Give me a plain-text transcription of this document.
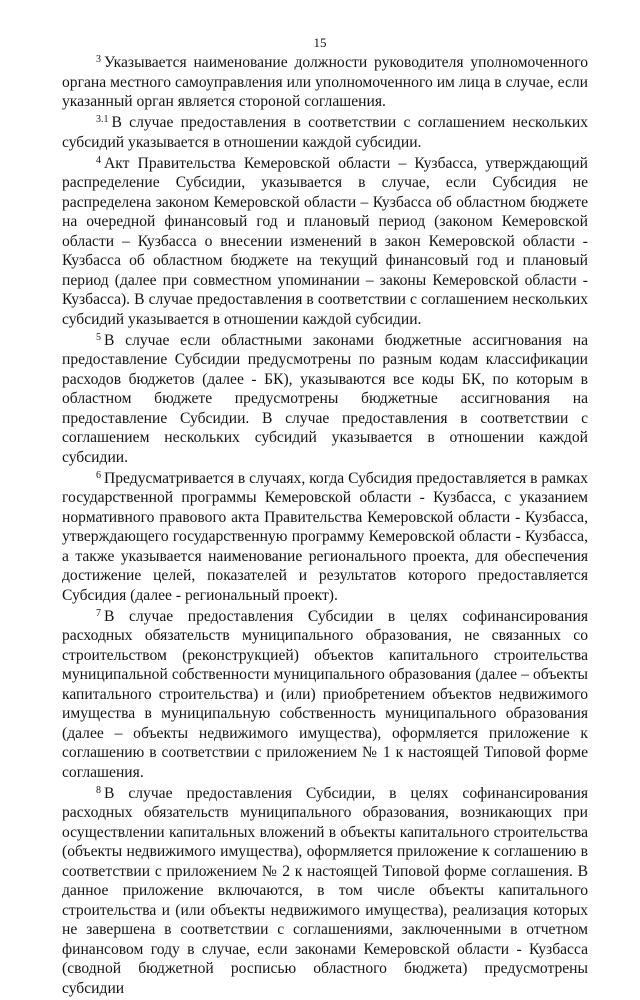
15

$^3$ Указывается наименование должности руководителя уполномоченного органа местного самоуправления или уполномоченного им лица в случае, если указанный орган является стороной соглашения.

$^{3.1}$ В случае предоставления в соответствии с соглашением нескольких субсидий указывается в отношении каждой субсидии.

$^4$ Акт Правительства Кемеровской области – Кузбасса, утверждающий распределение Субсидии, указывается в случае, если Субсидия не распределена законом Кемеровской области – Кузбасса об областном бюджете на очередной финансовый год и плановый период (законом Кемеровской области – Кузбасса о внесении изменений в закон Кемеровской области - Кузбасса об областном бюджете на текущий финансовый год и плановый период (далее при совместном упоминании – законы Кемеровской области - Кузбасса). В случае предоставления в соответствии с соглашением нескольких субсидий указывается в отношении каждой субсидии.

$^5$ В случае если областными законами бюджетные ассигнования на предоставление Субсидии предусмотрены по разным кодам классификации расходов бюджетов (далее - БК), указываются все коды БК, по которым в областном бюджете предусмотрены бюджетные ассигнования на предоставление Субсидии. В случае предоставления в соответствии с соглашением нескольких субсидий указывается в отношении каждой субсидии.

$^6$ Предусматривается в случаях, когда Субсидия предоставляется в рамках государственной программы Кемеровской области - Кузбасса, с указанием нормативного правового акта Правительства Кемеровской области - Кузбасса, утверждающего государственную программу Кемеровской области - Кузбасса, а также указывается наименование регионального проекта, для обеспечения достижение целей, показателей и результатов которого предоставляется Субсидия (далее - региональный проект).

$^7$ В случае предоставления Субсидии в целях софинансирования расходных обязательств муниципального образования, не связанных со строительством (реконструкцией) объектов капитального строительства муниципальной собственности муниципального образования (далее – объекты капитального строительства) и (или) приобретением объектов недвижимого имущества в муниципальную собственность муниципального образования (далее – объекты недвижимого имущества), оформляется приложение к соглашению в соответствии с приложением № 1 к настоящей Типовой форме соглашения.

$^8$ В случае предоставления Субсидии, в целях софинансирования расходных обязательств муниципального образования, возникающих при осуществлении капитальных вложений в объекты капитального строительства (объекты недвижимого имущества), оформляется приложение к соглашению в соответствии с приложением № 2 к настоящей Типовой форме соглашения. В данное приложение включаются, в том числе объекты капитального строительства и (или объекты недвижимого имущества), реализация которых не завершена в соответствии с соглашениями, заключенными в отчетном финансовом году в случае, если законами Кемеровской области - Кузбасса (сводной бюджетной росписью областного бюджета) предусмотрены субсидии
